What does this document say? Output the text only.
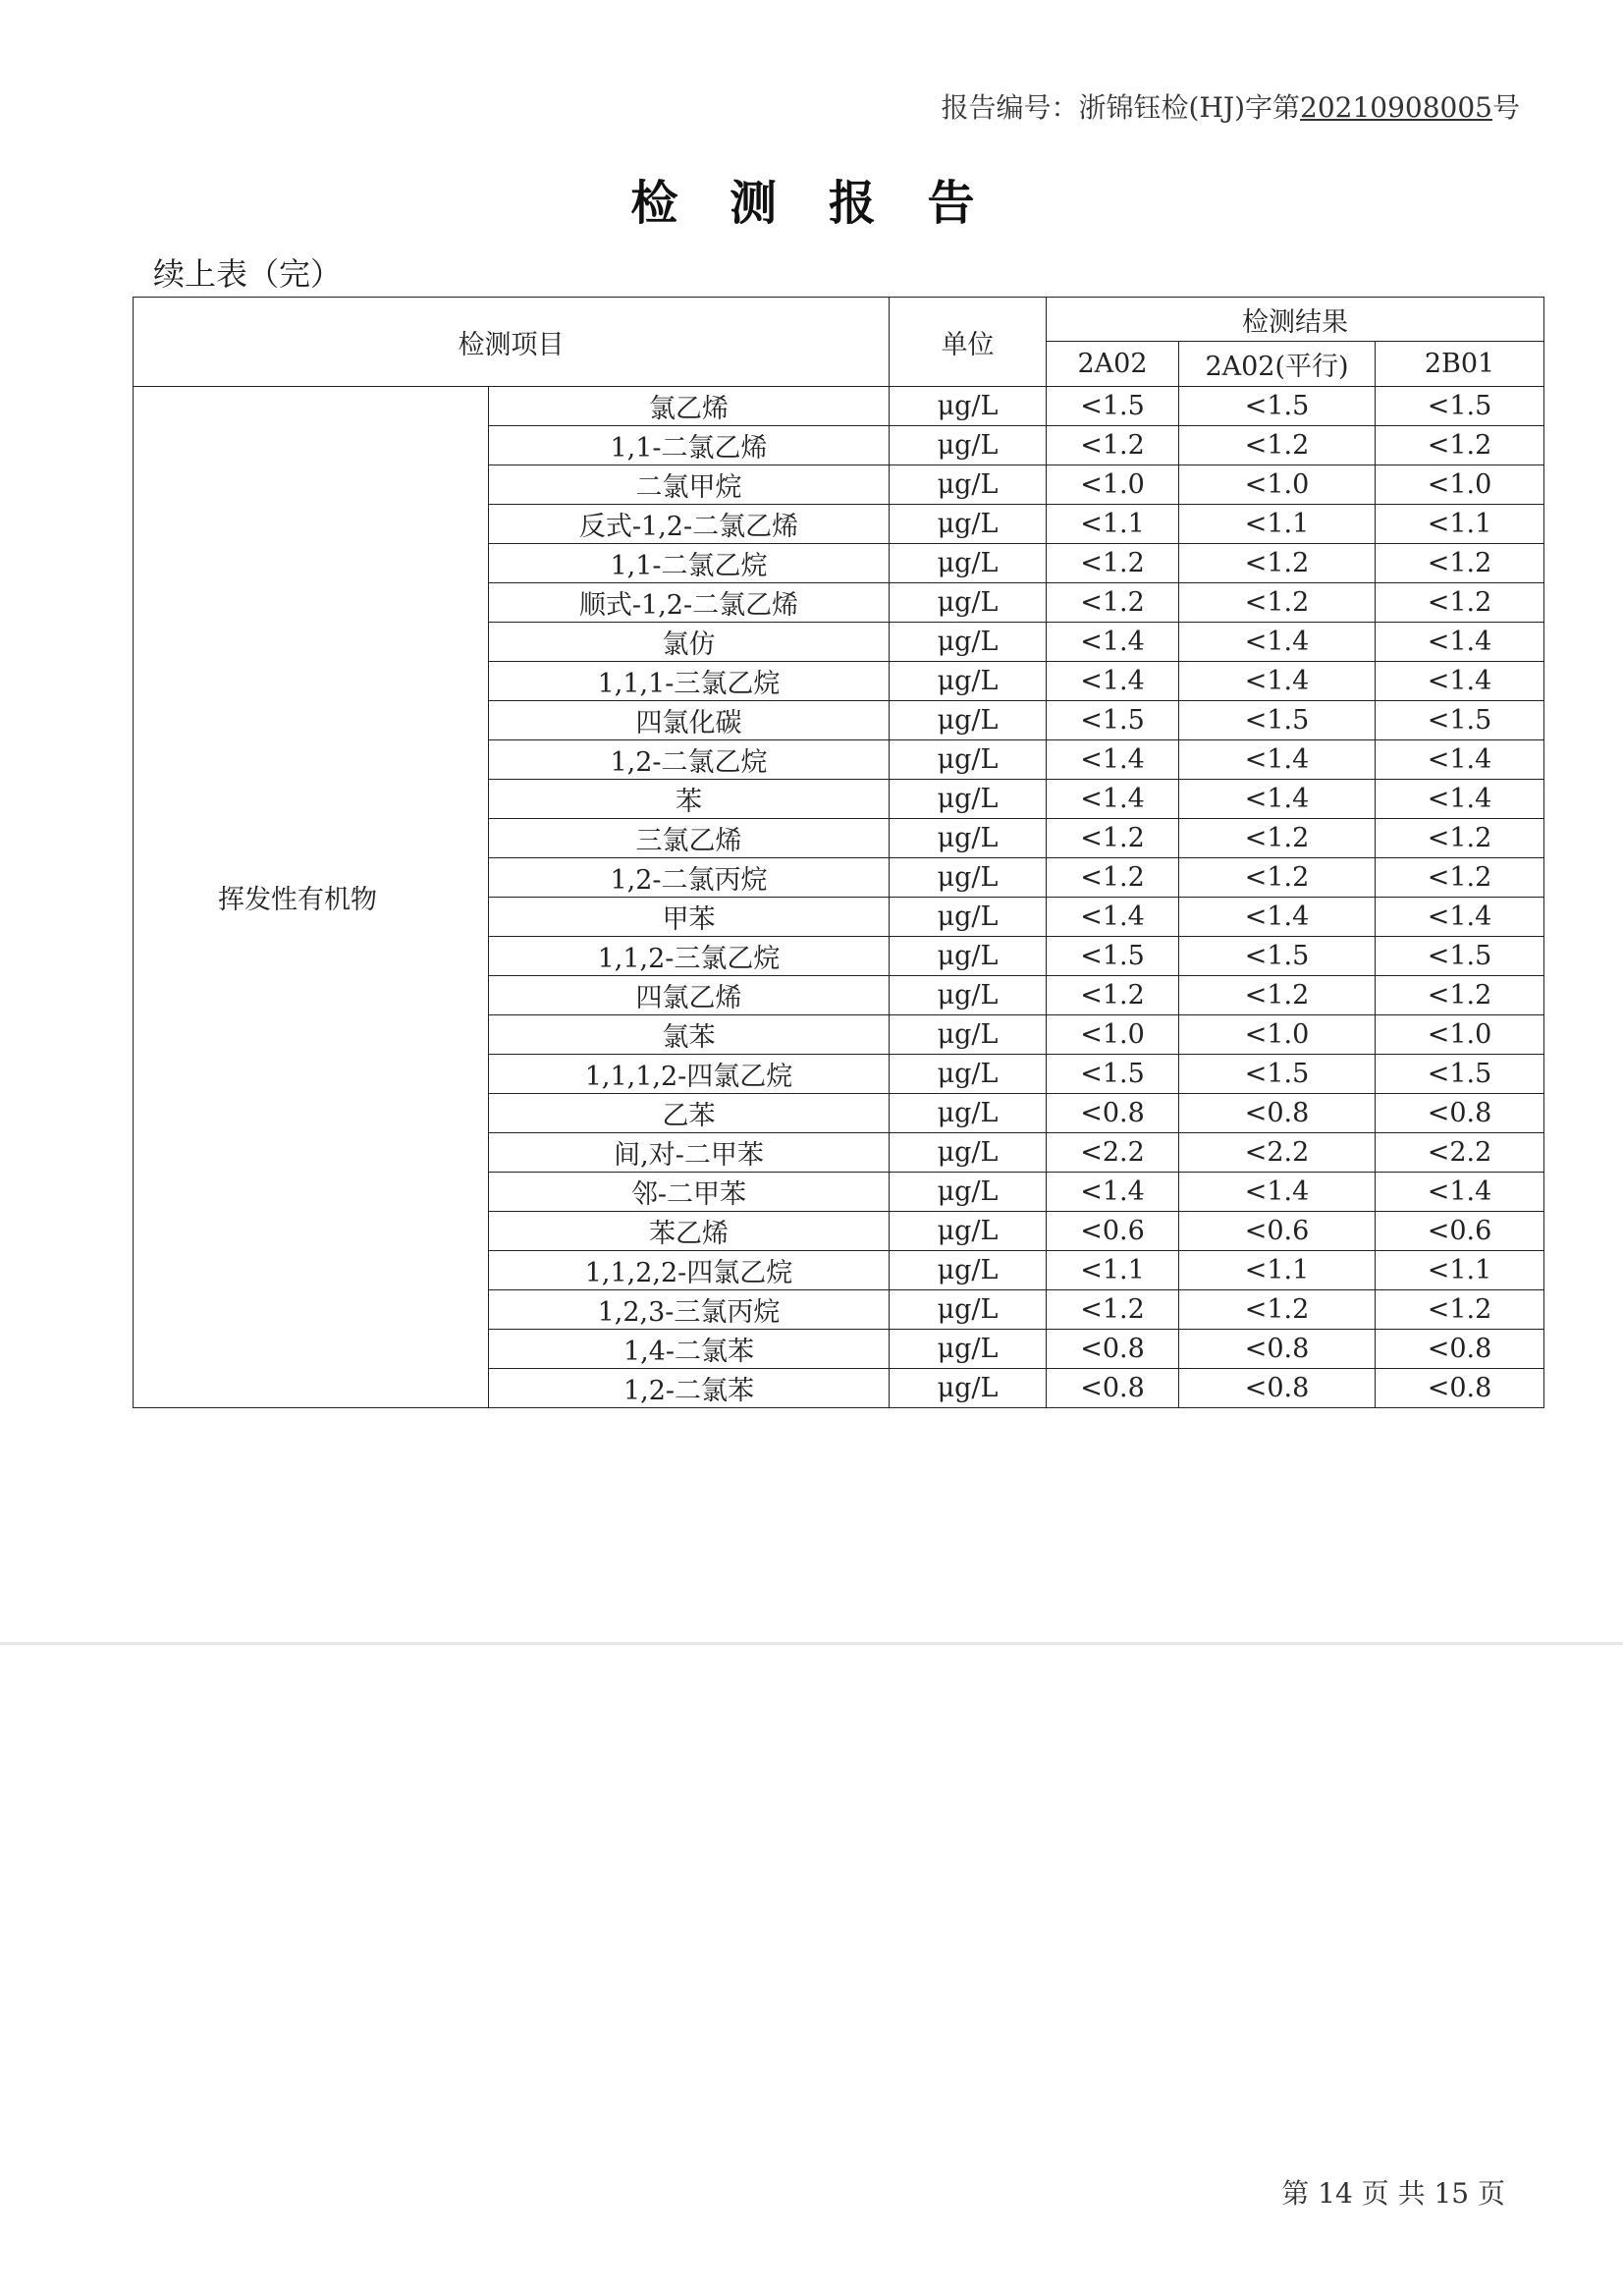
报告编号：浙锦钰检(HJ)字第20210908005号
检 测 报 告
续上表（完）
检测项目		单位	检测结果		
			2A02	2A02(平行)	2B01
挥发性有机物	氯乙烯	μg/L	<1.5	<1.5	<1.5
	1,1-二氯乙烯	μg/L	<1.2	<1.2	<1.2
	二氯甲烷	μg/L	<1.0	<1.0	<1.0
	反式-1,2-二氯乙烯	μg/L	<1.1	<1.1	<1.1
	1,1-二氯乙烷	μg/L	<1.2	<1.2	<1.2
	顺式-1,2-二氯乙烯	μg/L	<1.2	<1.2	<1.2
	氯仿	μg/L	<1.4	<1.4	<1.4
	1,1,1-三氯乙烷	μg/L	<1.4	<1.4	<1.4
	四氯化碳	μg/L	<1.5	<1.5	<1.5
	1,2-二氯乙烷	μg/L	<1.4	<1.4	<1.4
	苯	μg/L	<1.4	<1.4	<1.4
	三氯乙烯	μg/L	<1.2	<1.2	<1.2
	1,2-二氯丙烷	μg/L	<1.2	<1.2	<1.2
	甲苯	μg/L	<1.4	<1.4	<1.4
	1,1,2-三氯乙烷	μg/L	<1.5	<1.5	<1.5
	四氯乙烯	μg/L	<1.2	<1.2	<1.2
	氯苯	μg/L	<1.0	<1.0	<1.0
	1,1,1,2-四氯乙烷	μg/L	<1.5	<1.5	<1.5
	乙苯	μg/L	<0.8	<0.8	<0.8
	间,对-二甲苯	μg/L	<2.2	<2.2	<2.2
	邻-二甲苯	μg/L	<1.4	<1.4	<1.4
	苯乙烯	μg/L	<0.6	<0.6	<0.6
	1,1,2,2-四氯乙烷	μg/L	<1.1	<1.1	<1.1
	1,2,3-三氯丙烷	μg/L	<1.2	<1.2	<1.2
	1,4-二氯苯	μg/L	<0.8	<0.8	<0.8
	1,2-二氯苯	μg/L	<0.8	<0.8	<0.8
第 14 页 共 15 页
